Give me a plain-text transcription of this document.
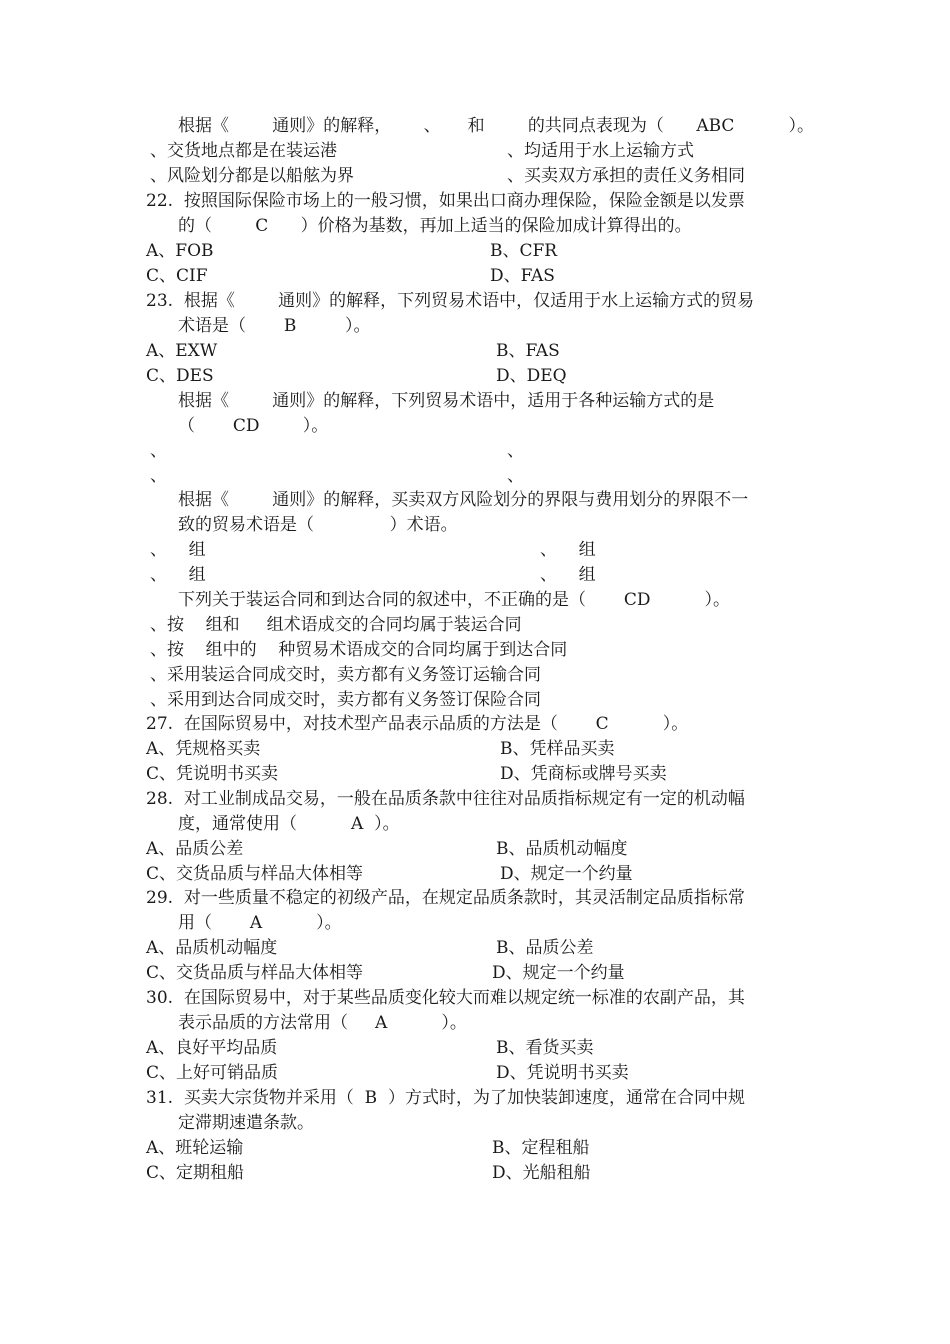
根据《        通则》的解释，      、     和        的共同点表现为（      ABC          ）。
、交货地点都是在装运港	、均适用于水上运输方式
、风险划分都是以船舷为界	、买卖双方承担的责任义务相同
22.  按照国际保险市场上的一般习惯，如果出口商办理保险，保险金额是以发票
的（        C      ）价格为基数，再加上适当的保险加成计算得出的。
A、FOB	B、CFR
C、CIF	D、FAS
23.  根据《        通则》的解释，下列贸易术语中，仅适用于水上运输方式的贸易
术语是（       B         ）。
A、EXW	B、FAS
C、DES	D、DEQ
根据《        通则》的解释，下列贸易术语中，适用于各种运输方式的是
（       CD        ）。
、	、
、	、
根据《        通则》的解释，买卖双方风险划分的界限与费用划分的界限不一
致的贸易术语是（              ）术语。
、    组	、    组
、    组	、    组
下列关于装运合同和到达合同的叙述中，不正确的是（       CD          ）。
、按    组和     组术语成交的合同均属于装运合同
、按    组中的    种贸易术语成交的合同均属于到达合同
、采用装运合同成交时，卖方都有义务签订运输合同
、采用到达合同成交时，卖方都有义务签订保险合同
27.  在国际贸易中，对技术型产品表示品质的方法是（       C          ）。
A、凭规格买卖	B、凭样品买卖
C、凭说明书买卖	D、凭商标或牌号买卖
28.  对工业制成品交易，一般在品质条款中往往对品质指标规定有一定的机动幅
度，通常使用（          A  ）。
A、品质公差	B、品质机动幅度
C、交货品质与样品大体相等	D、规定一个约量
29.  对一些质量不稳定的初级产品，在规定品质条款时，其灵活制定品质指标常
用（       A          ）。
A、品质机动幅度	B、品质公差
C、交货品质与样品大体相等	D、规定一个约量
30.  在国际贸易中，对于某些品质变化较大而难以规定统一标准的农副产品，其
表示品质的方法常用（     A          ）。
A、良好平均品质	B、看货买卖
C、上好可销品质	D、凭说明书买卖
31.  买卖大宗货物并采用（  B  ）方式时，为了加快装卸速度，通常在合同中规
定滞期速遣条款。
A、班轮运输	B、定程租船
C、定期租船	D、光船租船
